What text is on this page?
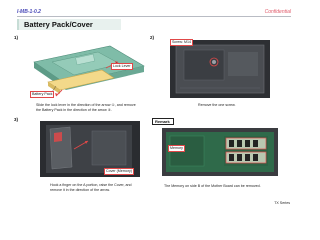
I-MB-1-0.2	Confidential
Battery Pack/Cover
1)
Lock Lever
Battery Pack
Slide the lock lever in the direction of the arrow ①, and remove
the Battery Pack in the direction of the arrow ②.
2)
Screw: M14
Remove the one screw.
3)
Cover (Memory)
Hook a finger on the A portion, raise the Cover, and
remove it in the direction of the arrow.
Remark
Memory
The Memory on side B of the Mother Board can be removed.
TX Series
